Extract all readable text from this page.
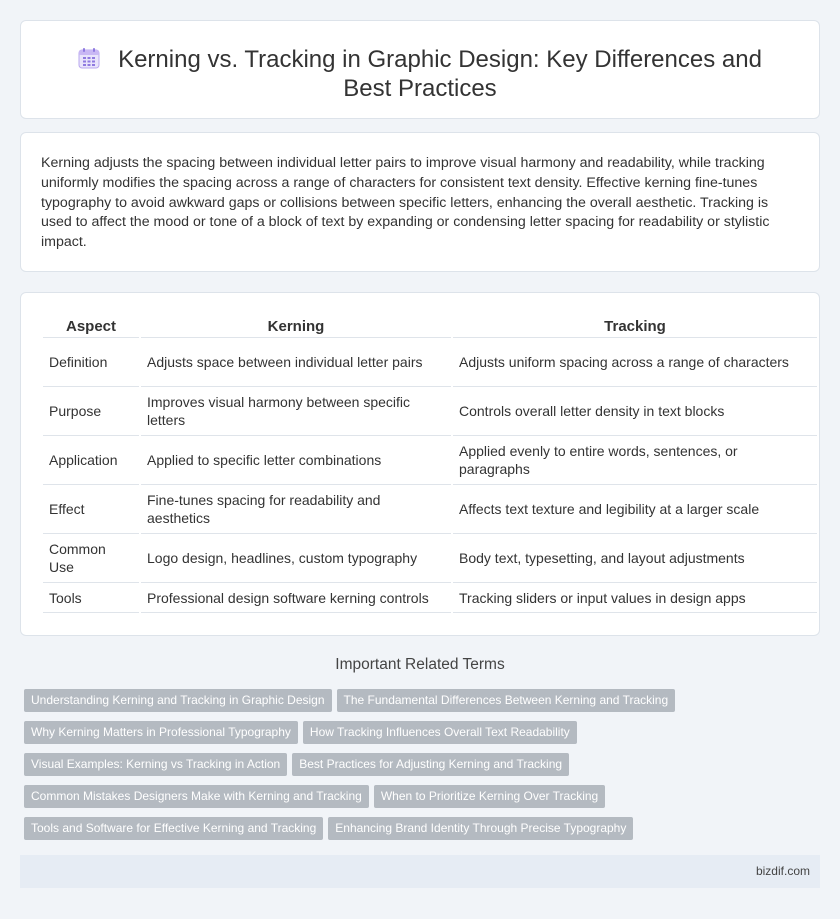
Kerning vs. Tracking in Graphic Design: Key Differences and Best Practices

Kerning adjusts the spacing between individual letter pairs to improve visual harmony and readability, while tracking uniformly modifies the spacing across a range of characters for consistent text density. Effective kerning fine-tunes typography to avoid awkward gaps or collisions between specific letters, enhancing the overall aesthetic. Tracking is used to affect the mood or tone of a block of text by expanding or condensing letter spacing for readability or stylistic impact.

Aspect	Kerning	Tracking
Definition	Adjusts space between individual letter pairs	Adjusts uniform spacing across a range of characters
Purpose	Improves visual harmony between specific letters	Controls overall letter density in text blocks
Application	Applied to specific letter combinations	Applied evenly to entire words, sentences, or paragraphs
Effect	Fine-tunes spacing for readability and aesthetics	Affects text texture and legibility at a larger scale
Common Use	Logo design, headlines, custom typography	Body text, typesetting, and layout adjustments
Tools	Professional design software kerning controls	Tracking sliders or input values in design apps
Important Related Terms
Understanding Kerning and Tracking in Graphic Design The Fundamental Differences Between Kerning and Tracking
Why Kerning Matters in Professional Typography How Tracking Influences Overall Text Readability
Visual Examples: Kerning vs Tracking in Action Best Practices for Adjusting Kerning and Tracking
Common Mistakes Designers Make with Kerning and Tracking When to Prioritize Kerning Over Tracking
Tools and Software for Effective Kerning and Tracking Enhancing Brand Identity Through Precise Typography
bizdif.com
